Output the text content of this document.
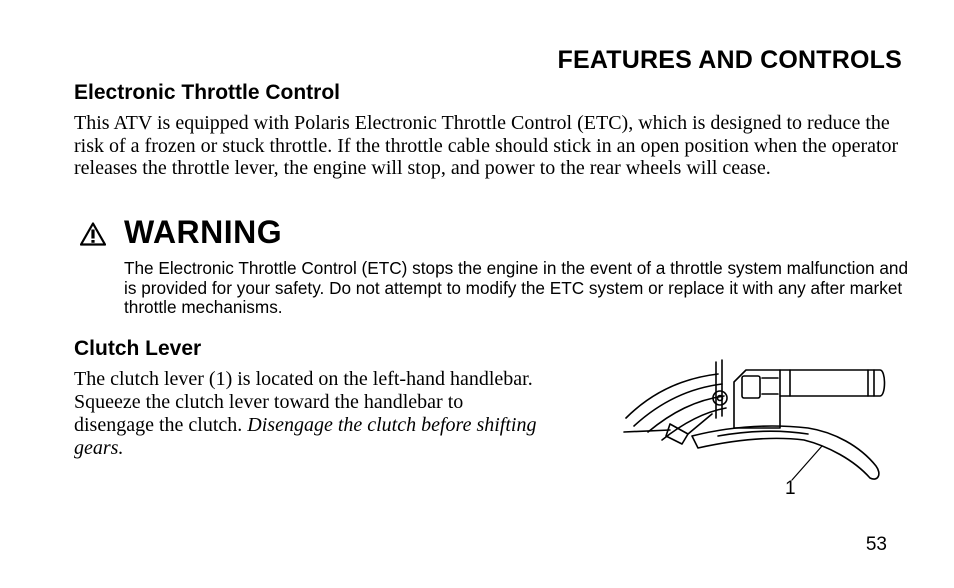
FEATURES AND CONTROLS
Electronic Throttle Control
This ATV is equipped with Polaris Electronic Throttle Control (ETC), which is designed to reduce the risk of a frozen or stuck throttle. If the throttle cable should stick in an open position when the operator releases the throttle lever, the engine will stop, and power to the rear wheels will cease.
WARNING
The Electronic Throttle Control (ETC) stops the engine in the event of a throttle system malfunction and is provided for your safety. Do not attempt to modify the ETC system or replace it with any after market throttle mechanisms.
Clutch Lever
The clutch lever (1) is located on the left-hand handlebar. Squeeze the clutch lever toward the handlebar to disengage the clutch. Disengage the clutch before shifting gears.
1
53
